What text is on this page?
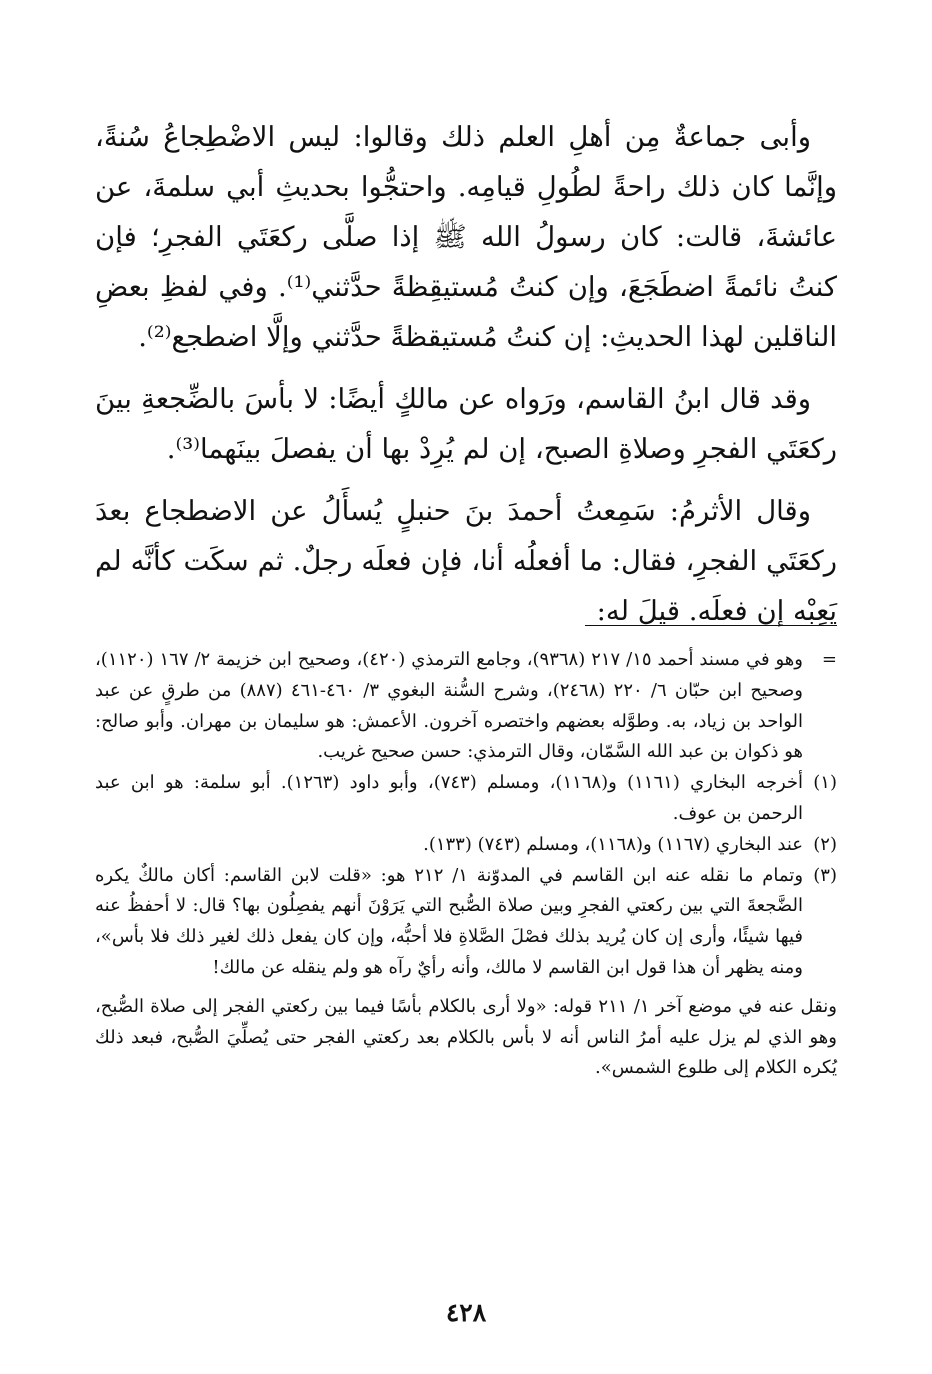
وأبى جماعةٌ مِن أهلِ العلم ذلك وقالوا: ليس الاضْطِجاعُ سُنةً، وإنَّما كان ذلك راحةً لطُولِ قيامِه. واحتجُّوا بحديثِ أبي سلمةَ، عن عائشةَ، قالت: كان رسولُ الله ﷺ إذا صلَّى ركعَتَي الفجرِ؛ فإن كنتُ نائمةً اضطَجَعَ، وإن كنتُ مُستيقِظةً حدَّثني⁽¹⁾. وفي لفظِ بعضِ الناقلين لهذا الحديثِ: إن كنتُ مُستيقظةً حدَّثني وإلَّا اضطجع⁽²⁾.

وقد قال ابنُ القاسم، ورَواه عن مالكٍ أيضًا: لا بأسَ بالضِّجعةِ بينَ ركعَتَي الفجرِ وصلاةِ الصبح، إن لم يُرِدْ بها أن يفصلَ بينَهما⁽³⁾.

وقال الأثرمُ: سَمِعتُ أحمدَ بنَ حنبلٍ يُسأَلُ عن الاضطجاع بعدَ ركعَتَي الفجرِ، فقال: ما أفعلُه أنا، فإن فعلَه رجلٌ. ثم سكَت كأنَّه لم يَعِبْه إن فعلَه. قيلَ له:

=
وهو في مسند أحمد ١٥/ ٢١٧ (٩٣٦٨)، وجامع الترمذي (٤٢٠)، وصحيح ابن خزيمة ٢/ ١٦٧ (١١٢٠)، وصحيح ابن حبّان ٦/ ٢٢٠ (٢٤٦٨)، وشرح السُّنة البغوي ٣/ ٤٦٠-٤٦١ (٨٨٧) من طرقٍ عن عبد الواحد بن زياد، به. وطوَّله بعضهم واختصره آخرون. الأعمش: هو سليمان بن مهران. وأبو صالح: هو ذكوان بن عبد الله السَّمّان، وقال الترمذي: حسن صحيح غريب.
(١)
أخرجه البخاري (١١٦١) و(١١٦٨)، ومسلم (٧٤٣)، وأبو داود (١٢٦٣). أبو سلمة: هو ابن عبد الرحمن بن عوف.
(٢)
عند البخاري (١١٦٧) و(١١٦٨)، ومسلم (٧٤٣) (١٣٣).
(٣)
وتمام ما نقله عنه ابن القاسم في المدوّنة ١/ ٢١٢ هو: «قلت لابن القاسم: أكان مالكٌ يكره الضَّجعةَ التي بين ركعتي الفجرِ وبين صلاة الصُّبح التي يَرَوْنَ أنهم يفصِلُون بها؟ قال: لا أحفظُ عنه فيها شيئًا، وأرى إن كان يُريد بذلك فصْلَ الصَّلاةِ فلا أحبُّه، وإن كان يفعل ذلك لغير ذلك فلا بأس»، ومنه يظهر أن هذا قول ابن القاسم لا مالك، وأنه رأيٌ رآه هو ولم ينقله عن مالك!

ونقل عنه في موضع آخر ١/ ٢١١ قوله: «ولا أرى بالكلام بأسًا فيما بين ركعتي الفجر إلى صلاة الصُّبح، وهو الذي لم يزل عليه أمرُ الناس أنه لا بأس بالكلام بعد ركعتي الفجر حتى يُصلِّيَ الصُّبح، فبعد ذلك يُكره الكلام إلى طلوع الشمس».

٤٢٨
